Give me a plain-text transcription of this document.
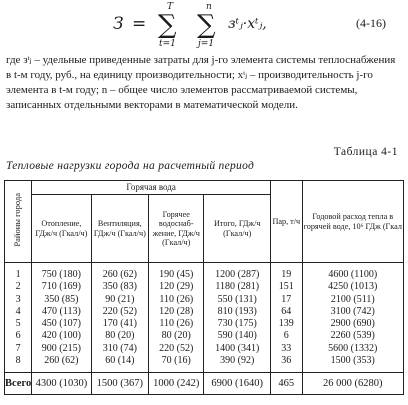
З =
T
∑
t=1
n
∑
j=1
зᵗⱼ·xᵗⱼ,	(4-16)

где зᵗⱼ – удельные приведенные затраты для j-го элемента системы теплоснабжения в t-м году, руб., на единицу производительности; xᵗⱼ – производительность j-го элемента в t-м году; n – общее число элементов рассматриваемой системы, записанных отдельными векторами в математической модели.

Таблица 4-1
Тепловые нагрузки города на расчетный период
Районы города	Горячая вода				Пар, т/ч	Годовой расход тепла в горячей воде, 10⁶ ГДж (Гкал
	Отопление, ГДж/ч (Гкал/ч)	Вентиляция, ГДж/ч (Гкал/ч)	Горячее водоснаб- жение, ГДж/ч (Гкал/ч)	Итого, ГДж/ч (Гкал/ч)		
1	750 (180)	260 (62)	190 (45)	1200 (287)	19	4600 (1100)
2	710 (169)	350 (83)	120 (29)	1180 (281)	151	4250 (1013)
3	350 (85)	90 (21)	110 (26)	550 (131)	17	2100 (511)
4	470 (113)	220 (52)	120 (28)	810 (193)	64	3100 (742)
5	450 (107)	170 (41)	110 (26)	730 (175)	139	2900 (690)
6	420 (100)	80 (20)	80 (20)	590 (140)	6	2260 (539)
7	900 (215)	310 (74)	220 (52)	1400 (341)	33	5600 (1332)
8	260 (62)	60 (14)	70 (16)	390 (92)	36	1500 (353)
Всего	4300 (1030)	1500 (367)	1000 (242)	6900 (1640)	465	26 000 (6280)
